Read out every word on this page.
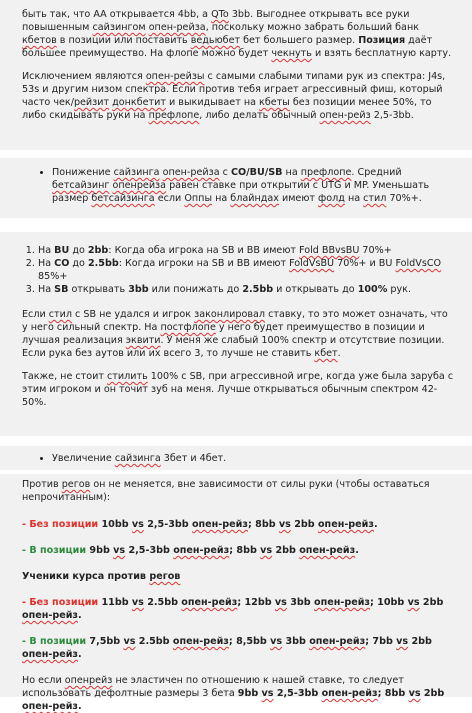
быть так, что AA открывается 4bb, а QTo 3bb. Выгоднее открывать все руки повышенным сайзингом опен-рейза, поскольку можно забрать больший банк кбетов в позиции или поставить ведьюбет бет большего размер. Позиция даёт большее преимущество. На флопе можно будет чекнуть и взять бесплатную карту.

Исключением являются опен-рейзы с самыми слабыми типами рук из спектра: J4s, 53s и другим низом спектра. Если против тебя играет агрессивный фиш, который часто чек/рейзит донкбетит и выкидывает на кбеты без позиции менее 50%, то либо скидывать руки на префлопе, либо делать обычный опен-рейз 2,5-3bb.

• Понижение сайзинга опен-рейза с CO/BU/SB на префлопе. Средний бетсайзинг опенрейза равен ставке при открытии с UTG и MP. Уменьшать размер бетсайзинга если Оппы на блайндах имеют фолд на стил 70%+.
1. На BU до 2bb: Когда оба игрока на SB и BB имеют Fold BBvsBU 70%+
2. На CO до 2.5bb: Когда игроки на SB и BB имеют FoldVsBU 70%+ и BU FoldVsCO 85%+
3. На SB открывать 3bb или понижать до 2.5bb и открывать до 100% рук.

Если стил с SB не удался и игрок законлировал ставку, то это может означать, что у него сильный спектр. На постфлопе у него будет преимущество в позиции и лучшая реализация эквити. У меня же слабый 100% спектр и отсутствие позиции. Если рука без аутов или их всего 3, то лучше не ставить кбет.

Также, не стоит стилить 100% с SB, при агрессивной игре, когда уже была заруба с этим игроком и он точит зуб на меня. Лучше открываться обычным спектром 42-50%.

• Увеличение сайзинга 3бет и 4бет.

Против регов он не меняется, вне зависимости от силы руки (чтобы оставаться непрочитанным):

- Без позиции 10bb vs 2,5-3bb опен-рейз; 8bb vs 2bb опен-рейз.

- В позиции 9bb vs 2,5-3bb опен-рейз; 8bb vs 2bb опен-рейз.

Ученики курса против регов

- Без позиции 11bb vs 2.5bb опен-рейз; 12bb vs 3bb опен-рейз; 10bb vs 2bb опен-рейз.

- В позиции 7,5bb vs 2.5bb опен-рейз; 8,5bb vs 3bb опен-рейз; 7bb vs 2bb опен-рейз.

Но если опенрейз не эластичен по отношению к нашей ставке, то следует использовать дефолтные размеры 3 бета 9bb vs 2,5-3bb опен-рейз; 8bb vs 2bb опен-рейз.
